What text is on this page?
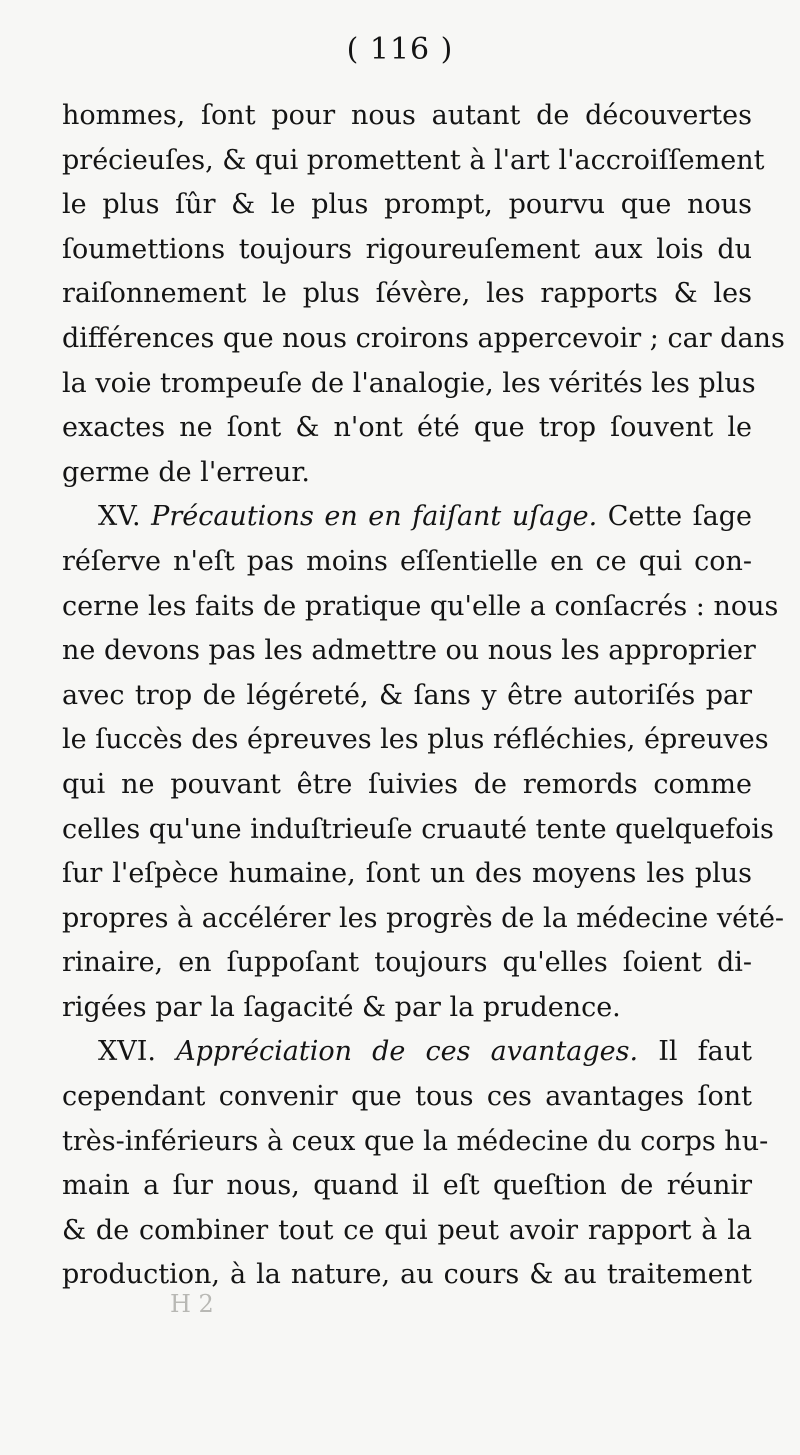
( 116 )
hommes, ſont pour nous autant de découvertes
précieuſes, & qui promettent à l'art l'accroiſſement
le plus ſûr & le plus prompt, pourvu que nous
ſoumettions toujours rigoureuſement aux lois du
raiſonnement le plus ſévère, les rapports & les
différences que nous croirons appercevoir ; car dans
la voie trompeuſe de l'analogie, les vérités les plus
exactes ne ſont & n'ont été que trop ſouvent le
germe de l'erreur.
XV. Précautions en en faiſant uſage. Cette ſage
réſerve n'eſt pas moins eſſentielle en ce qui con-
cerne les faits de pratique qu'elle a conſacrés : nous
ne devons pas les admettre ou nous les approprier
avec trop de légéreté, & ſans y être autoriſés par
le ſuccès des épreuves les plus réfléchies, épreuves
qui ne pouvant être ſuivies de remords comme
celles qu'une induſtrieuſe cruauté tente quelquefois
ſur l'eſpèce humaine, ſont un des moyens les plus
propres à accélérer les progrès de la médecine vété-
rinaire, en ſuppoſant toujours qu'elles ſoient di-
rigées par la ſagacité & par la prudence.
XVI. Appréciation de ces avantages. Il faut
cependant convenir que tous ces avantages ſont
très-inférieurs à ceux que la médecine du corps hu-
main a ſur nous, quand il eſt queſtion de réunir
& de combiner tout ce qui peut avoir rapport à la
production, à la nature, au cours & au traitement
H 2
